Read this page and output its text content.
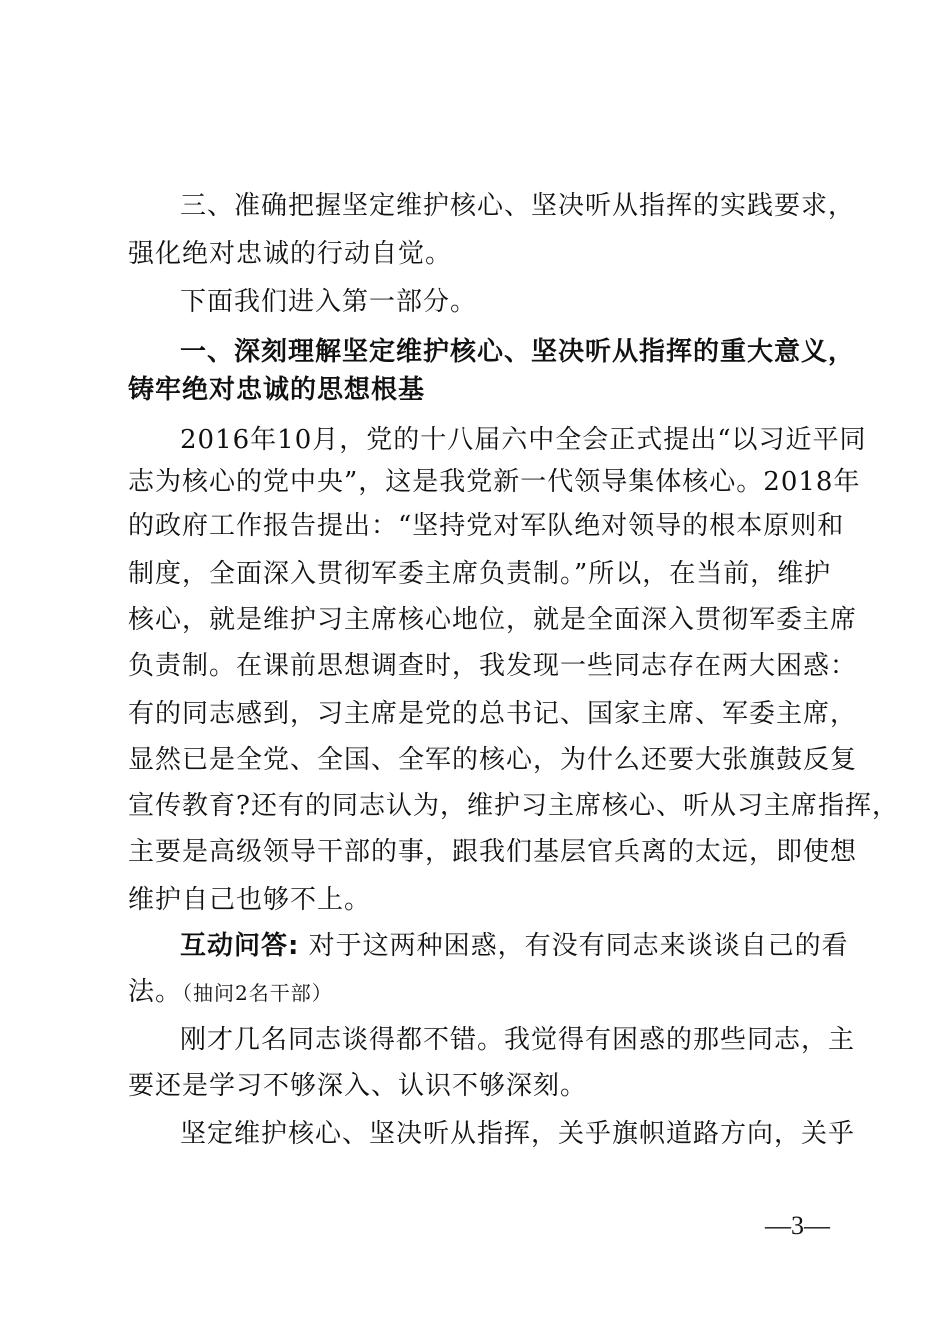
三、准确把握坚定维护核心、坚决听从指挥的实践要求，
强化绝对忠诚的行动自觉。
下面我们进入第一部分。
一、深刻理解坚定维护核心、坚决听从指挥的重大意义，
铸牢绝对忠诚的思想根基
2016年10月，党的十八届六中全会正式提出“以习近平同
志为核心的党中央”，这是我党新一代领导集体核心。2018年
的政府工作报告提出：“坚持党对军队绝对领导的根本原则和
制度，全面深入贯彻军委主席负责制。”所以，在当前，维护
核心，就是维护习主席核心地位，就是全面深入贯彻军委主席
负责制。在课前思想调查时，我发现一些同志存在两大困惑：
有的同志感到，习主席是党的总书记、国家主席、军委主席，
显然已是全党、全国、全军的核心，为什么还要大张旗鼓反复
宣传教育?还有的同志认为，维护习主席核心、听从习主席指挥，
主要是高级领导干部的事，跟我们基层官兵离的太远，即使想
维护自己也够不上。
互动问答: 对于这两种困惑，有没有同志来谈谈自己的看
法。（抽问2名干部）
刚才几名同志谈得都不错。我觉得有困惑的那些同志，主
要还是学习不够深入、认识不够深刻。
坚定维护核心、坚决听从指挥，关乎旗帜道路方向，关乎
—3—
